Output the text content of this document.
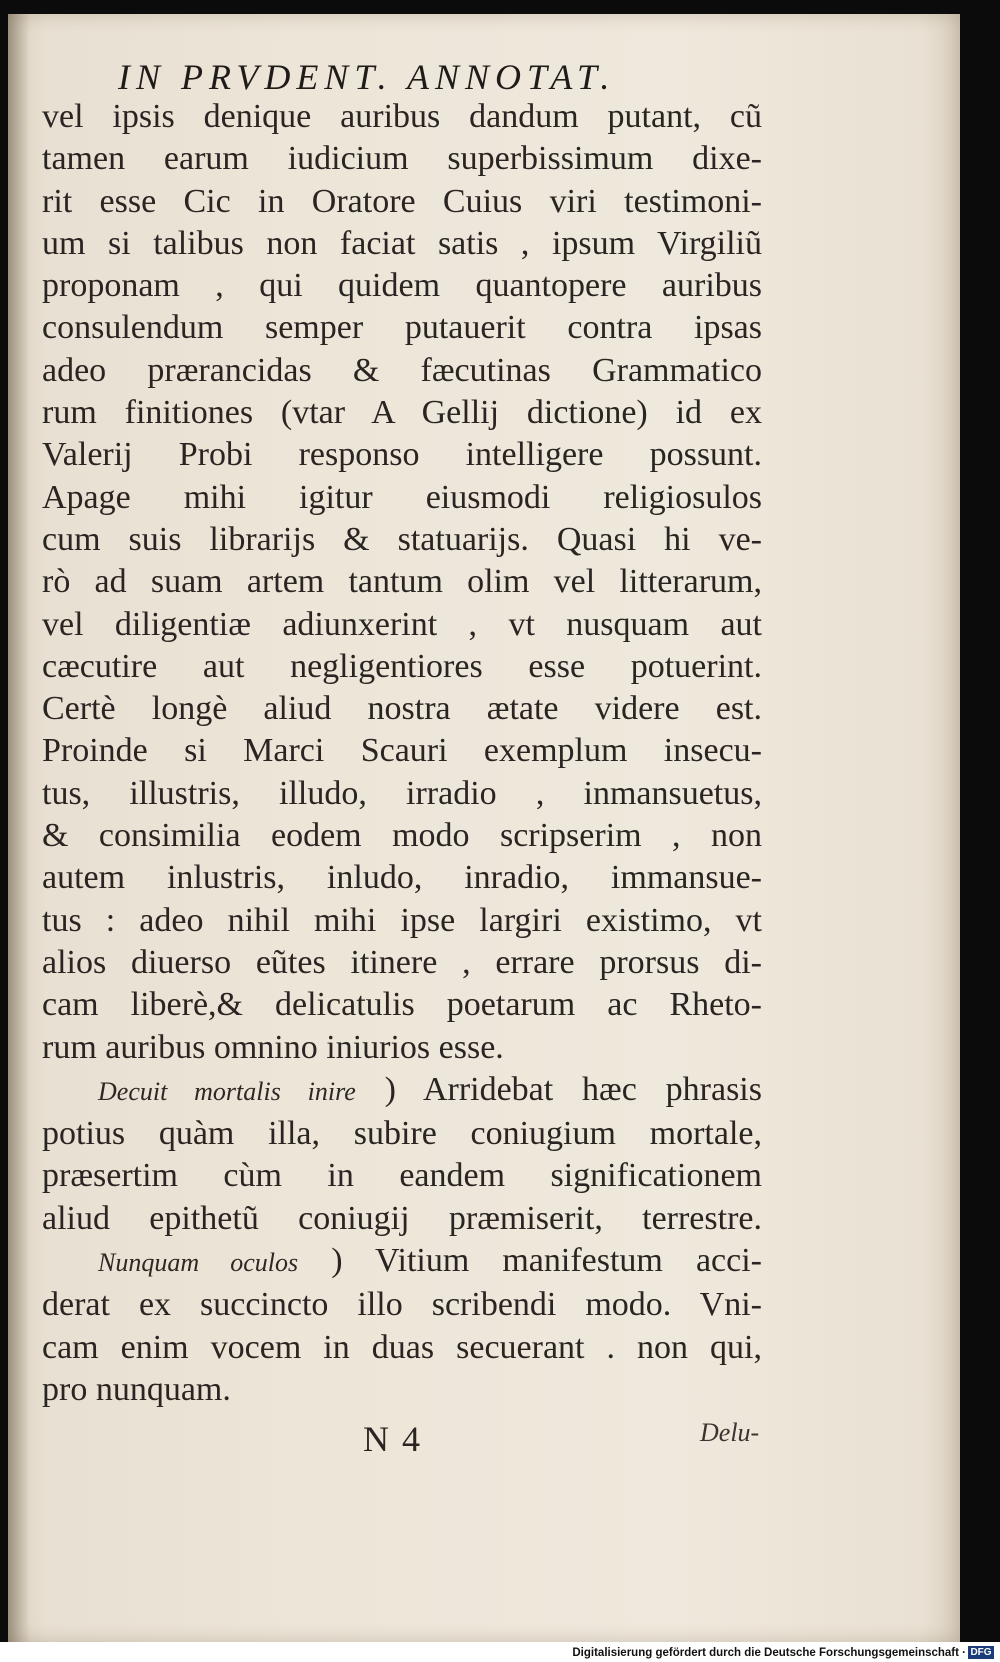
IN PRVDENT. ANNOTAT.
vel ipsis denique auribus dandum putant, cũ
tamen earum iudicium superbissimum dixe-
rit esse Cic in Oratore Cuius viri testimoni-
um si talibus non faciat satis , ipsum Virgiliũ
proponam , qui quidem quantopere auribus
consulendum semper putauerit contra ipsas
adeo prærancidas & fæcutinas Grammatico
rum finitiones (vtar A Gellij dictione) id ex
Valerij Probi responso intelligere possunt.
Apage mihi igitur eiusmodi religiosulos
cum suis librarijs & statuarijs. Quasi hi ve-
rò ad suam artem tantum olim vel litterarum,
vel diligentiæ adiunxerint , vt nusquam aut
cæcutire aut negligentiores esse potuerint.
Certè longè aliud nostra ætate videre est.
Proinde si Marci Scauri exemplum insecu-
tus, illustris, illudo, irradio , inmansuetus,
& consimilia eodem modo scripserim , non
autem inlustris, inludo, inradio, immansue-
tus : adeo nihil mihi ipse largiri existimo, vt
alios diuerso eũtes itinere , errare prorsus di-
cam liberè,& delicatulis poetarum ac Rheto-
rum auribus omnino iniurios esse.
Decuit mortalis inire ) Arridebat hæc phrasis
potius quàm illa, subire coniugium mortale,
præsertim cùm in eandem significationem
aliud epithetũ coniugij præmiserit, terrestre.
Nunquam oculos ) Vitium manifestum acci-
derat ex succincto illo scribendi modo. Vni-
cam enim vocem in duas secuerant . non qui,
pro nunquam.
N 4	Delu-
Digitalisierung gefördert durch die Deutsche Forschungsgemeinschaft · DFG
